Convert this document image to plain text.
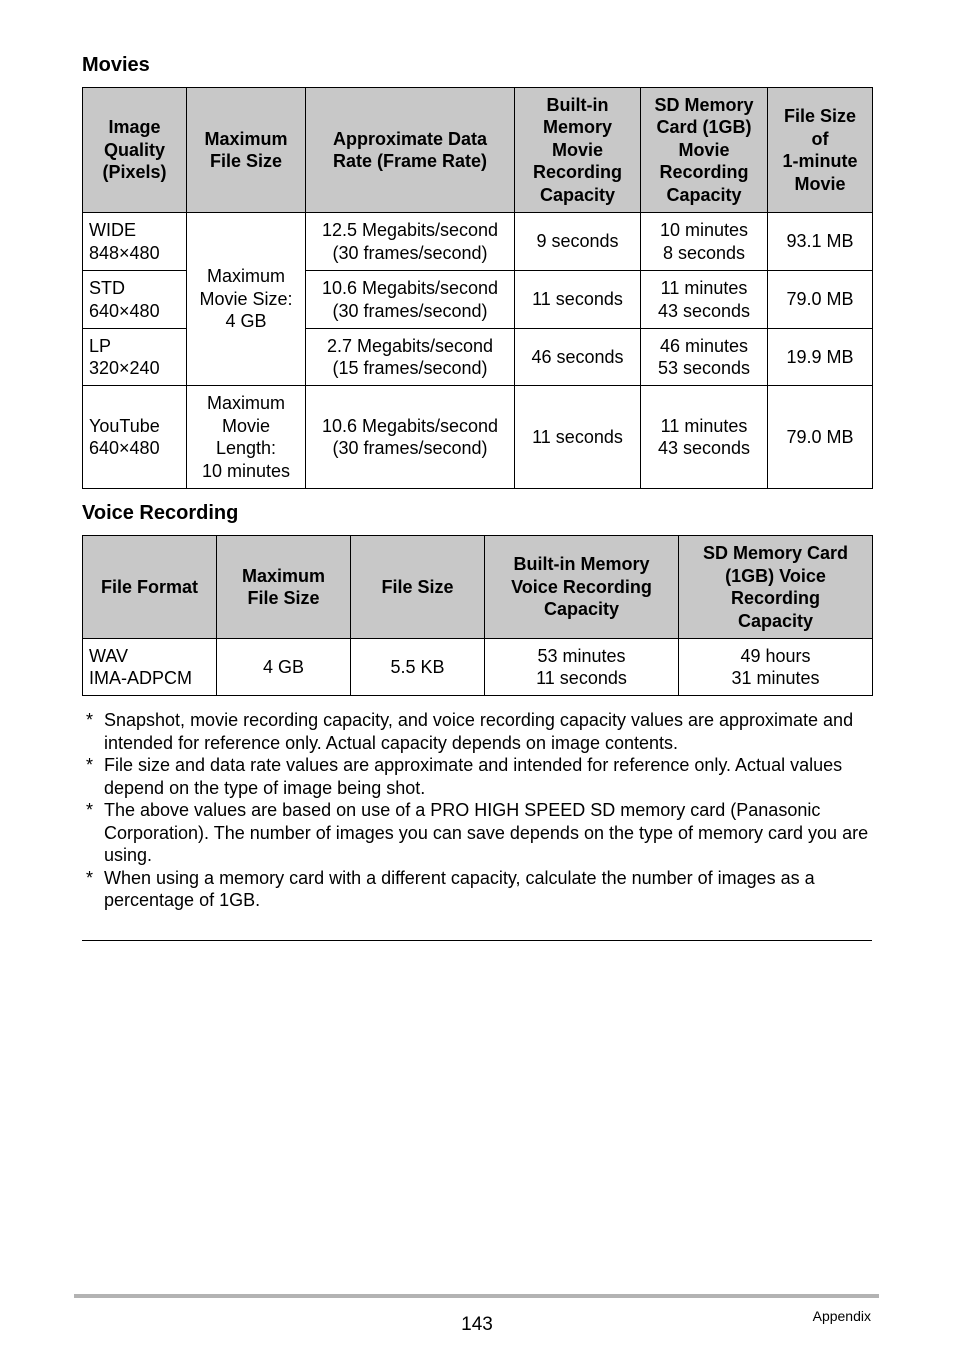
Movies
Image
Quality
(Pixels)	Maximum
File Size	Approximate Data
Rate (Frame Rate)	Built-in
Memory
Movie
Recording
Capacity	SD Memory
Card (1GB)
Movie
Recording
Capacity	File Size
of
1-minute
Movie
WIDE
848×480	Maximum
Movie Size:
4 GB	12.5 Megabits/second
(30 frames/second)	9 seconds	10 minutes
8 seconds	93.1 MB
STD
640×480		10.6 Megabits/second
(30 frames/second)	11 seconds	11 minutes
43 seconds	79.0 MB
LP
320×240		2.7 Megabits/second
(15 frames/second)	46 seconds	46 minutes
53 seconds	19.9 MB
YouTube
640×480	Maximum
Movie
Length:
10 minutes	10.6 Megabits/second
(30 frames/second)	11 seconds	11 minutes
43 seconds	79.0 MB
Voice Recording
File Format	Maximum
File Size	File Size	Built-in Memory
Voice Recording
Capacity	SD Memory Card
(1GB) Voice
Recording
Capacity
WAV
IMA-ADPCM	4 GB	5.5 KB	53 minutes
11 seconds	49 hours
31 minutes
* Snapshot, movie recording capacity, and voice recording capacity values are approximate and intended for reference only. Actual capacity depends on image contents.
* File size and data rate values are approximate and intended for reference only. Actual values depend on the type of image being shot.
* The above values are based on use of a PRO HIGH SPEED SD memory card (Panasonic Corporation). The number of images you can save depends on the type of memory card you are using.
* When using a memory card with a different capacity, calculate the number of images as a percentage of 1GB.
143	Appendix
